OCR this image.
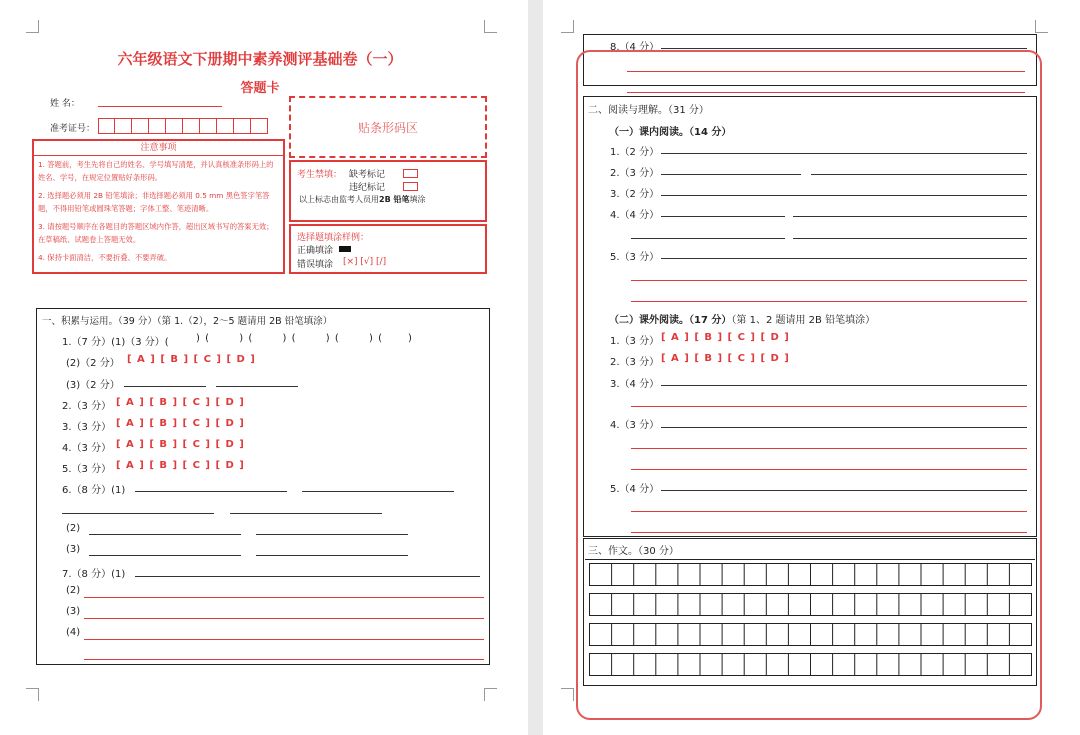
六年级语文下册期中素养测评基础卷（一）
答题卡
姓 名：
准考证号：	贴条形码区
注意事项
1. 答题前，考生先将自己的姓名、学号填写清楚，并认真核准条形码上的姓名、学号，在规定位置贴好条形码。
2. 选择题必须用 2B 铅笔填涂；非选择题必须用 0.5 mm 黑色签字笔答题，不得用铅笔或圆珠笔答题；字体工整、笔迹清晰。
3. 请按题号顺序在各题目的答题区域内作答，超出区域书写的答案无效；在草稿纸、试题卷上答题无效。
4. 保持卡面清洁，不要折叠、不要弄破。
考生禁填： 缺考标记
违纪标记
以上标志由监考人员用2B 铅笔填涂
选择题填涂样例：
正确填涂
错误填涂 [×] [√] [/]
一、积累与运用。（39 分）（第 1.（2），2～5 题请用 2B 铅笔填涂）
1.（7 分）(1)（3 分）(	) (	) (	) (	) (	) (      )
(2)（2 分） [ A ] [ B ] [ C ] [ D ]
(3)（2 分）
2.（3 分） [ A ] [ B ] [ C ] [ D ]
3.（3 分） [ A ] [ B ] [ C ] [ D ]
4.（3 分） [ A ] [ B ] [ C ] [ D ]
5.（3 分） [ A ] [ B ] [ C ] [ D ]
6.（8 分）(1)
(2)
(3)
7.（8 分）(1)
(2)
(3)
(4)
8.（4 分）
二、阅读与理解。（31 分）
（一）课内阅读。（14 分）
1.（2 分）
2.（3 分）
3.（2 分）
4.（4 分）
5.（3 分）
（二）课外阅读。（17 分）（第 1、2 题请用 2B 铅笔填涂）
1.（3 分） [ A ] [ B ] [ C ] [ D ]
2.（3 分） [ A ] [ B ] [ C ] [ D ]
3.（4 分）
4.（3 分）
5.（4 分）
三、作文。（30 分）
